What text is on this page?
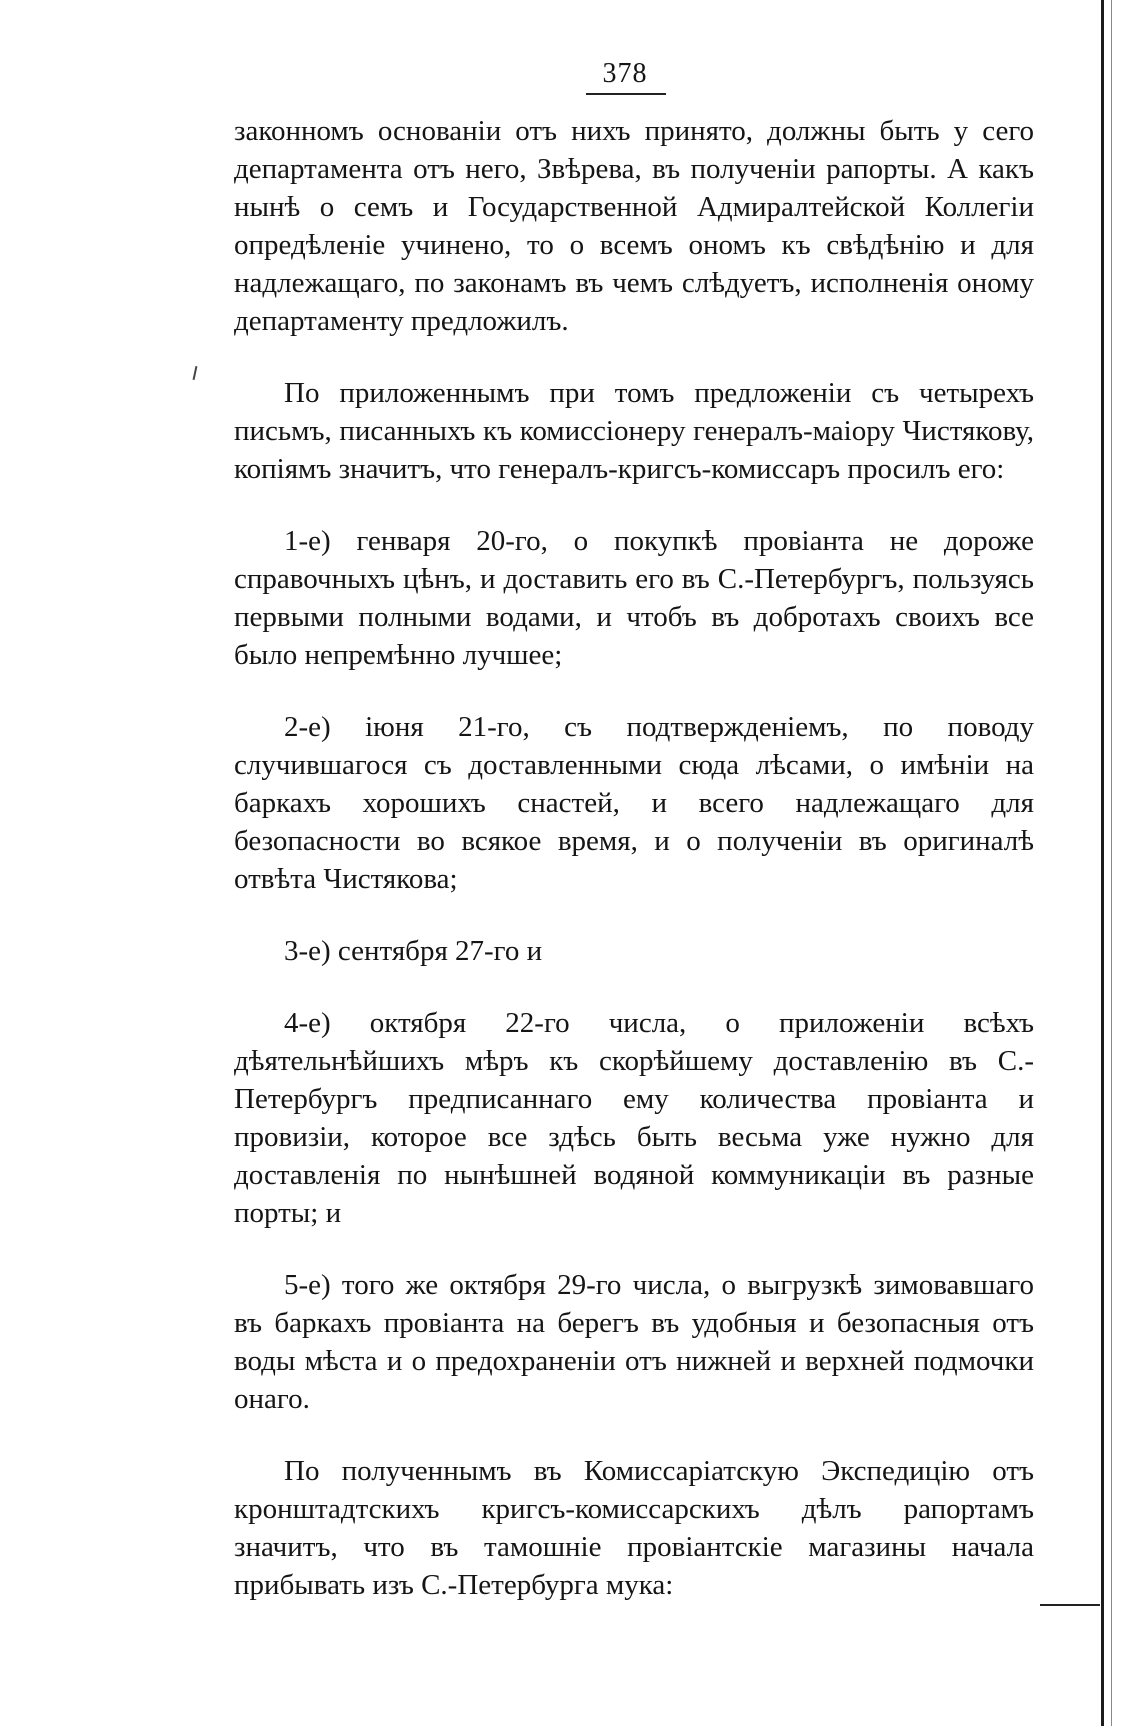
378

законномъ основаніи отъ нихъ принято, должны быть у сего департамента отъ него, Звѣрева, въ полученіи рапорты. А какъ нынѣ о семъ и Государственной Адмиралтейской Коллегіи опредѣленіе учинено, то о всемъ ономъ къ свѣдѣнію и для надлежащаго, по законамъ въ чемъ слѣдуетъ, исполненія оному департаменту предложилъ.

По приложеннымъ при томъ предложеніи съ четырехъ письмъ, писанныхъ къ комиссіонеру генералъ-маіору Чистякову, копіямъ значитъ, что генералъ-кригсъ-комиссаръ просилъ его:

1-е) генваря 20-го, о покупкѣ провіанта не дороже справочныхъ цѣнъ, и доставить его въ С.-Петербургъ, пользуясь первыми полными водами, и чтобъ въ добротахъ своихъ все было непремѣнно лучшее;

2-е) іюня 21-го, съ подтвержденіемъ, по поводу случившагося съ доставленными сюда лѣсами, о имѣніи на баркахъ хорошихъ снастей, и всего надлежащаго для безопасности во всякое время, и о полученіи въ оригиналѣ отвѣта Чистякова;

3-е) сентября 27-го и

4-е) октября 22-го числа, о приложеніи всѣхъ дѣятельнѣйшихъ мѣръ къ скорѣйшему доставленію въ С.-Петербургъ предписаннаго ему количества провіанта и провизіи, которое все здѣсь быть весьма уже нужно для доставленія по нынѣшней водяной коммуникаціи въ разные порты; и

5-е) того же октября 29-го числа, о выгрузкѣ зимовавшаго въ баркахъ провіанта на берегъ въ удобныя и безопасныя отъ воды мѣста и о предохраненіи отъ нижней и верхней подмочки онаго.

По полученнымъ въ Комиссаріатскую Экспедицію отъ кронштадтскихъ кригсъ-комиссарскихъ дѣлъ рапортамъ значитъ, что въ тамошніе провіантскіе магазины начала прибывать изъ С.-Петербурга мука:
